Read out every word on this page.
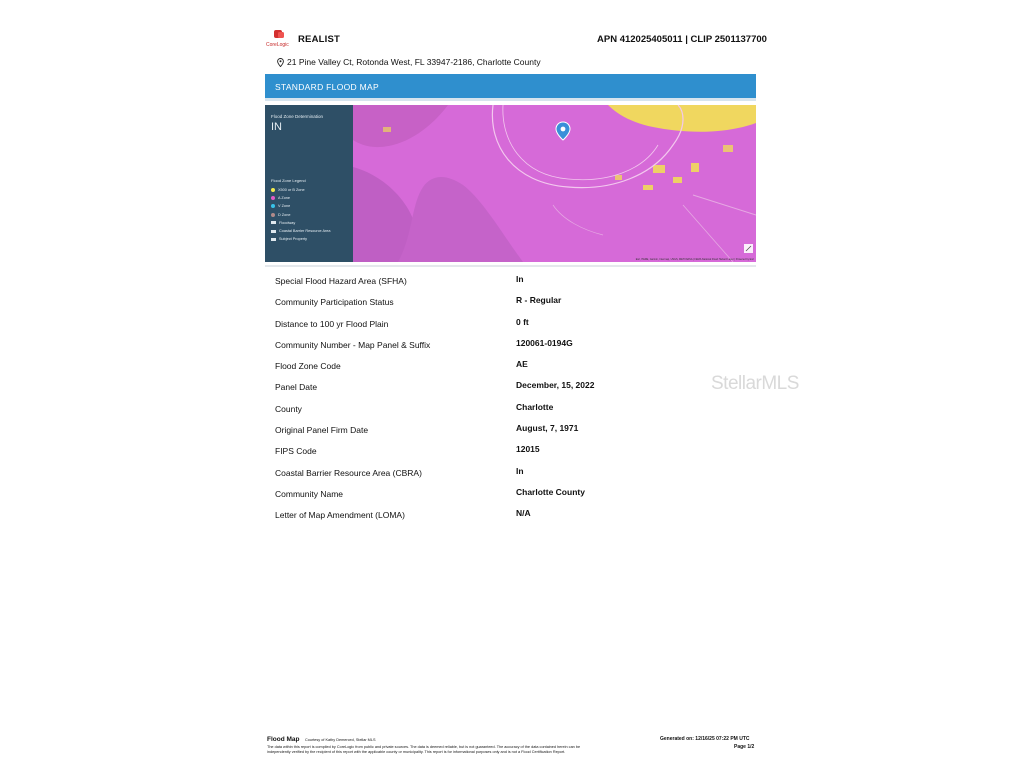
CoreLogic REALIST	APN 412025405011 | CLIP 2501137700
21 Pine Valley Ct, Rotonda West, FL 33947-2186, Charlotte County
STANDARD FLOOD MAP
Flood Zone Determination
IN
Flood Zone Legend
X500 or B Zone
A Zone
V Zone
D Zone
Floodway
Coastal Barrier Resource Area
Subject Property
Esri, HERE, Garmin, Intermap, USGS, METI/NASA | FEMA National Flood Hazard Layer | Powered by Esri
Special Flood Hazard Area (SFHA)	In
Community Participation Status	R - Regular
Distance to 100 yr Flood Plain	0 ft
Community Number - Map Panel & Suffix	120061-0194G
Flood Zone Code	AE
Panel Date	December, 15, 2022
County	Charlotte
Original Panel Firm Date	August, 7, 1971
FIPS Code	12015
Coastal Barrier Resource Area (CBRA)	In
Community Name	Charlotte County
Letter of Map Amendment (LOMA)	N/A
StellarMLS
Flood Map Courtesy of Kathy Demerced, Stellar MLS
The data within this report is compiled by CoreLogic from public and private sources. The data is deemed reliable, but is not guaranteed. The accuracy of the data contained herein can be
independently verified by the recipient of this report with the applicable county or municipality. This report is for informational purposes only and is not a Flood Certification Report.
Generated on: 12/16/25 07:22 PM UTC
Page 1/2
